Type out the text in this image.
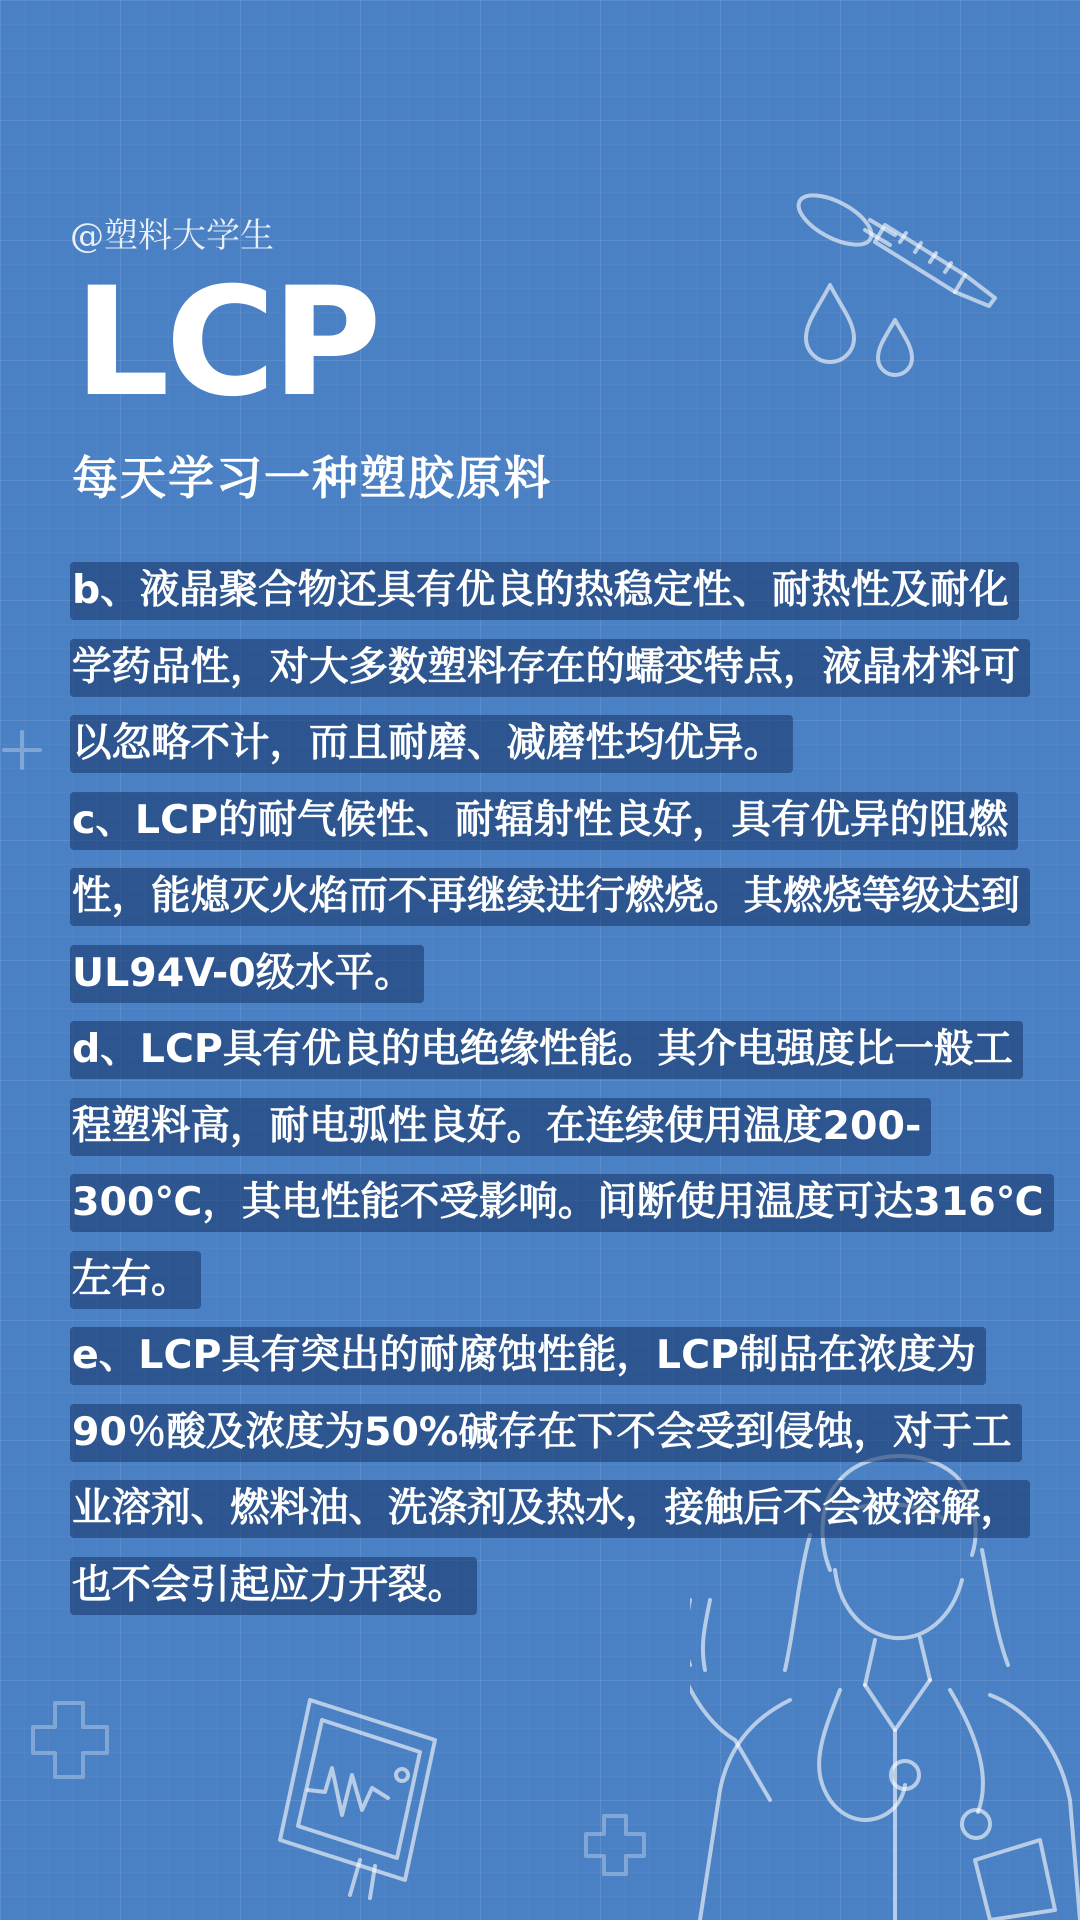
@塑料大学生
LCP
每天学习一种塑胶原料

b、液晶聚合物还具有优良的热稳定性、耐热性及耐化学药品性，对大多数塑料存在的蠕变特点，液晶材料可以忽略不计，而且耐磨、减磨性均优异。

c、LCP的耐气候性、耐辐射性良好，具有优异的阻燃性，能熄灭火焰而不再继续进行燃烧。其燃烧等级达到UL94V-0级水平。

d、LCP具有优良的电绝缘性能。其介电强度比一般工程塑料高，耐电弧性良好。在连续使用温度200-300℃，其电性能不受影响。间断使用温度可达316℃左右。

e、LCP具有突出的耐腐蚀性能，LCP制品在浓度为90％酸及浓度为50%碱存在下不会受到侵蚀，对于工业溶剂、燃料油、洗涤剂及热水，接触后不会被溶解，也不会引起应力开裂。
